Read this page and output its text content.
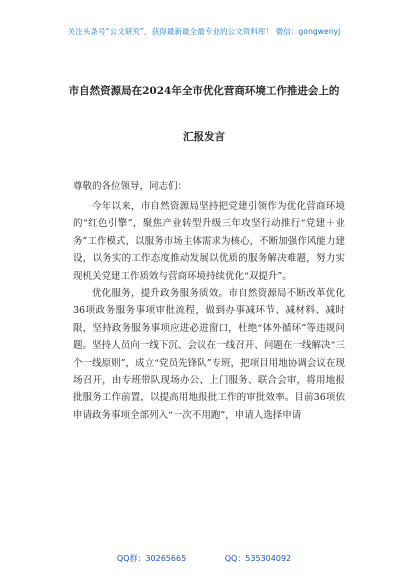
关注头条号“公文研究”，获得最新最全最专业的公文资料库！ 微信：gongwenyj
市自然资源局在2024年全市优化营商环境工作推进会上的
汇报发言
尊敬的各位领导，同志们：

今年以来，市自然资源局坚持把党建引领作为优化营商环境的“红色引擎”，聚焦产业转型升级三年攻坚行动推行“党建＋业务”工作模式，以服务市场主体需求为核心，不断加强作风能力建设，以务实的工作态度推动发展以优质的服务解决难题，努力实现机关党建工作质效与营商环境持续优化“双提升”。

优化服务，提升政务服务质效。市自然资源局不断改革优化36项政务服务事项审批流程，做到办事减环节、减材料、减时限，坚持政务服务事项应进必进窗口，杜绝“体外循环”等违规问题。坚持人员向一线下沉、会议在一线召开、问题在一线解决“三个一线原则”，成立“党员先锋队”专班，把项目用地协调会议在现场召开，由专班带队现场办公、上门服务、联合会审，将用地报批服务工作前置，以提高用地报批工作的审批效率。目前36项依申请政务事项全部列入“一次不用跑”，申请人选择申请

QQ群：30265665	QQ：535304092
